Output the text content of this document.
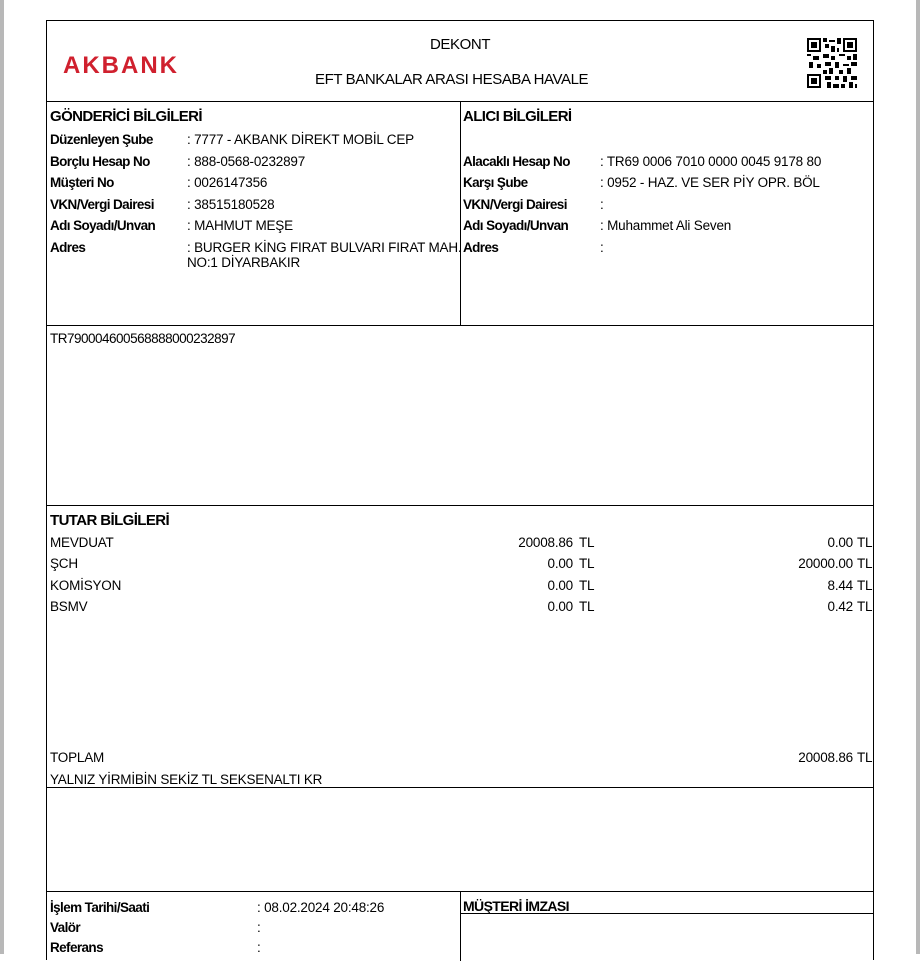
AKBANK
DEKONT
EFT BANKALAR ARASI HESABA HAVALE
GÖNDERİCİ BİLGİLERİ
Düzenleyen Şube	: 7777 - AKBANK DİREKT MOBİL CEP
Borçlu Hesap No	: 888-0568-0232897
Müşteri No	: 0026147356
VKN/Vergi Dairesi : 38515180528
Adı Soyadı/Unvan : MAHMUT MEŞE
Adres	: BURGER KİNG FIRAT BULVARI FIRAT MAH.
NO:1 DİYARBAKIR
ALICI BİLGİLERİ
Alacaklı Hesap No : TR69 0006 7010 0000 0045 9178 80
Karşı Şube	: 0952 - HAZ. VE SER PİY OPR. BÖL
VKN/Vergi Dairesi :
Adı Soyadı/Unvan : Muhammet Ali Seven
Adres	:
TR790004600568888000232897
TUTAR BİLGİLERİ
MEVDUAT	20008.86 TL	0.00 TL
ŞCH	0.00 TL	20000.00 TL
KOMİSYON	0.00 TL	8.44 TL
BSMV	0.00 TL	0.42 TL
TOPLAM	20008.86 TL
YALNIZ YİRMİBİN SEKİZ TL SEKSENALTI KR
İşlem Tarihi/Saati	: 08.02.2024 20:48:26
Valör	:
Referans	:
MÜŞTERİ İMZASI
